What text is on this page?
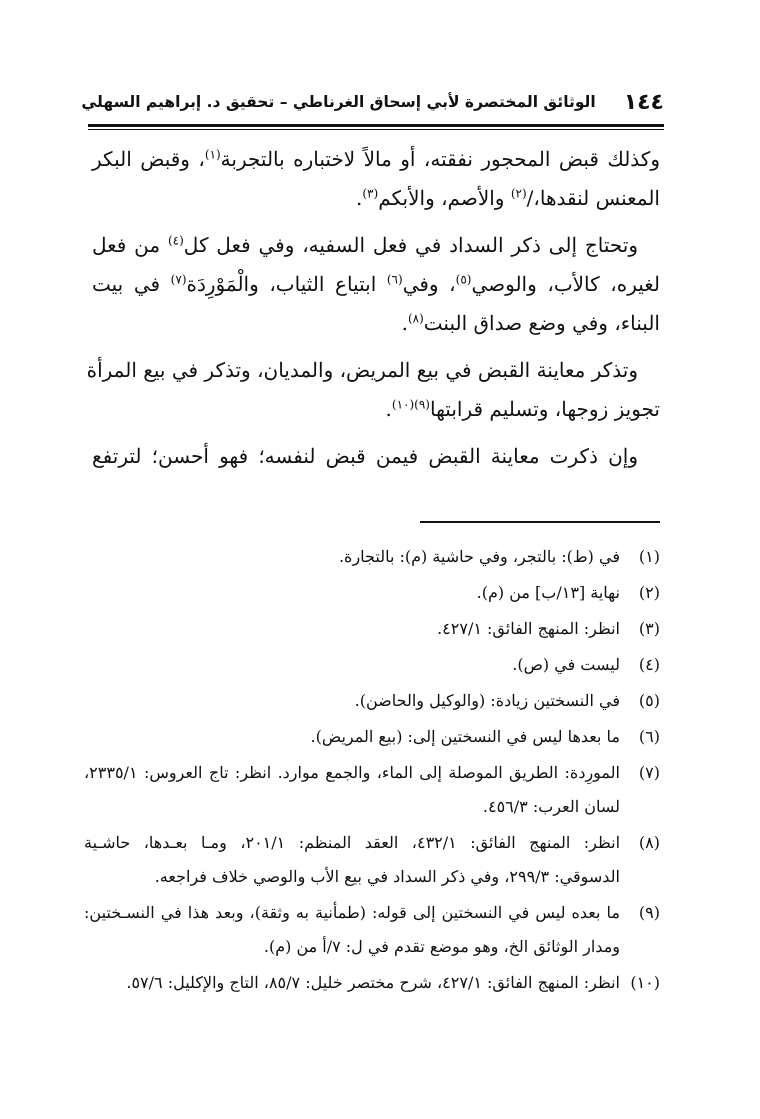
١٤٤
الوثائق المختصرة لأبي إسحاق الغرناطي – تحقيق د. إبراهيم السهلي
وكذلك قبض المحجور نفقته، أو مالاً لاختباره بالتجربة$^{(١)}$، وقبض البكر
المعنس لنقدها،/$^{(٢)}$ والأصم، والأبكم$^{(٣)}$.
وتحتاج إلى ذكر السداد في فعل السفيه، وفي فعل كل$^{(٤)}$ من فعل
لغيره، كالأب، والوصي$^{(٥)}$، وفي$^{(٦)}$ ابتياع الثياب، والْمَوْرِدَة$^{(٧)}$ في بيت
البناء، وفي وضع صداق البنت$^{(٨)}$.
وتذكر معاينة القبض في بيع المريض، والمديان، وتذكر في بيع المرأة
تجويز زوجها، وتسليم قرابتها$^{(٩)(١٠)}$.
وإن ذكرت معاينة القبض فيمن قبض لنفسه؛ فهو أحسن؛ لترتفع
(١)
في (ط): بالتجر، وفي حاشية (م): بالتجارة.
(٢)
نهاية [١٣/ب] من (م).
(٣)
انظر: المنهج الفائق: ٤٢٧/١.
(٤)
ليست في (ص).
(٥)
في النسختين زيادة: (والوكيل والحاضن).
(٦)
ما بعدها ليس في النسختين إلى: (بيع المريض).
(٧)
المورِدة: الطريق الموصلة إلى الماء، والجمع موارد. انظر: تاج العروس: ٢٣٣٥/١،
لسان العرب: ٤٥٦/٣.
(٨)
انظر: المنهج الفائق: ٤٣٢/١، العقد المنظم: ٢٠١/١، ومـا بعـدها، حاشـية
الدسوقي: ٢٩٩/٣، وفي ذكر السداد في بيع الأب والوصي خلاف فراجعه.
(٩)
ما بعده ليس في النسختين إلى قوله: (طمأنية به وثقة)، وبعد هذا في النسـختين:
ومدار الوثائق الخ، وهو موضع تقدم في ل: ٧/أ من (م).
(١٠)
انظر: المنهج الفائق: ٤٢٧/١، شرح مختصر خليل: ٨٥/٧، التاج والإكليل: ٥٧/٦.
